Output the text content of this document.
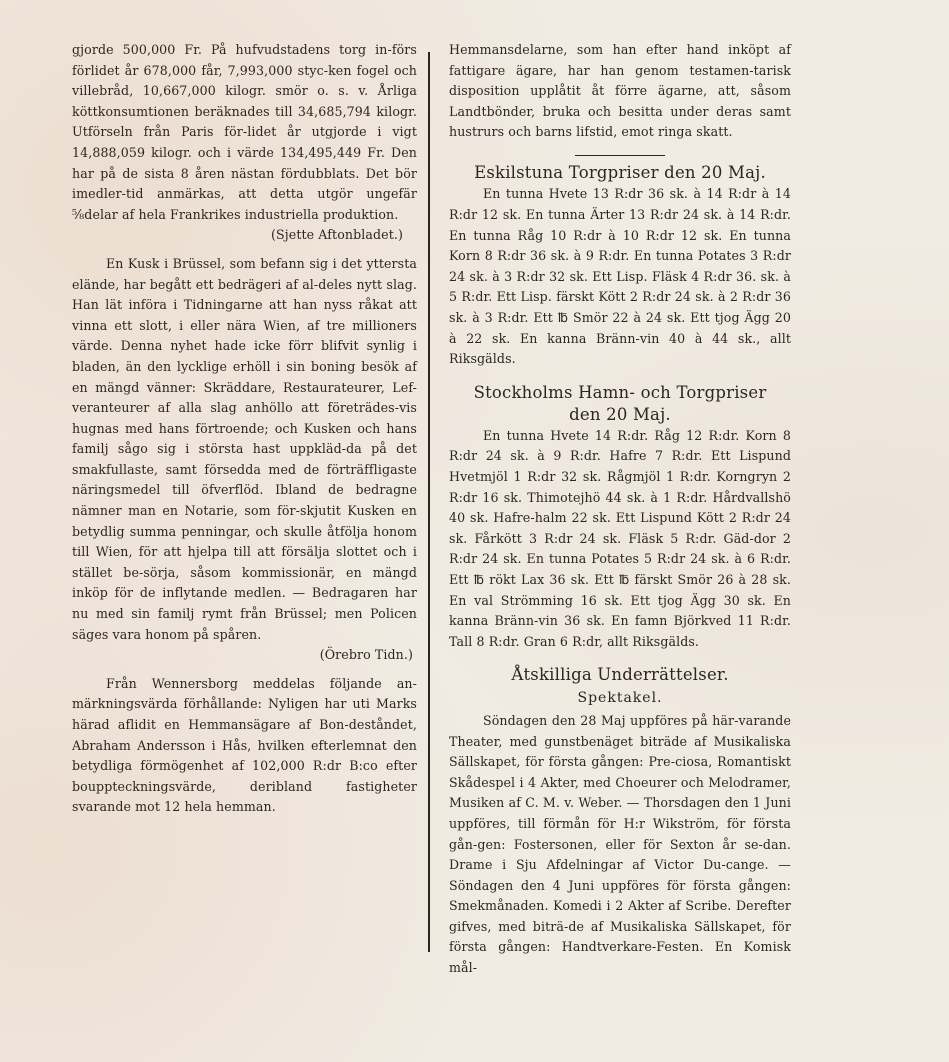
gjorde 500,000 Fr. På hufvudstadens torg in-förs förlidet år 678,000 får, 7,993,000 styc-ken fogel och villebråd, 10,667,000 kilogr. smör o. s. v. Årliga köttkonsumtionen beräknades till 34,685,794 kilogr. Utförseln från Paris för-lidet år utgjorde i vigt 14,888,059 kilogr. och i värde 134,495,449 Fr. Den har på de sista 8 åren nästan fördubblats. Det bör imedler-tid anmärkas, att detta utgör ungefär ⅝delar af hela Frankrikes industriella produktion.

(Sjette Aftonbladet.)

En Kusk i Brüssel, som befann sig i det yttersta elände, har begått ett bedrägeri af al-deles nytt slag. Han lät införa i Tidningarne att han nyss råkat att vinna ett slott, i eller nära Wien, af tre millioners värde. Denna nyhet hade icke förr blifvit synlig i bladen, än den lycklige erhöll i sin boning besök af en mängd vänner: Skräddare, Restaurateurer, Lef-veranteurer af alla slag anhöllo att företrädes-vis hugnas med hans förtroende; och Kusken och hans familj sågo sig i största hast uppkläd-da på det smakfullaste, samt försedda med de förträffligaste näringsmedel till öfverflöd. Ibland de bedragne nämner man en Notarie, som för-skjutit Kusken en betydlig summa penningar, och skulle åtfölja honom till Wien, för att hjelpa till att försälja slottet och i stället be-sörja, såsom kommissionär, en mängd inköp för de inflytande medlen. — Bedragaren har nu med sin familj rymt från Brüssel; men Policen säges vara honom på spåren.

(Örebro Tidn.)

Från Wennersborg meddelas följande an-märkningsvärda förhållande: Nyligen har uti Marks härad aflidit en Hemmansägare af Bon-deståndet, Abraham Andersson i Hås, hvilken efterlemnat den betydliga förmögenhet af 102,000 R:dr B:co efter bouppteckningsvärde, deribland fastigheter svarande mot 12 hela hemman.

Hemmansdelarne, som han efter hand inköpt af fattigare ägare, har han genom testamen-tarisk disposition upplåtit åt förre ägarne, att, såsom Landtbönder, bruka och besitta under deras samt hustrurs och barns lifstid, emot ringa skatt.

Eskilstuna Torgpriser den 20 Maj.

En tunna Hvete 13 R:dr 36 sk. à 14 R:dr à 14 R:dr 12 sk. En tunna Ärter 13 R:dr 24 sk. à 14 R:dr. En tunna Råg 10 R:dr à 10 R:dr 12 sk. En tunna Korn 8 R:dr 36 sk. à 9 R:dr. En tunna Potates 3 R:dr 24 sk. à 3 R:dr 32 sk. Ett Lisp. Fläsk 4 R:dr 36. sk. à 5 R:dr. Ett Lisp. färskt Kött 2 R:dr 24 sk. à 2 R:dr 36 sk. à 3 R:dr. Ett ℔ Smör 22 à 24 sk. Ett tjog Ägg 20 à 22 sk. En kanna Bränn-vin 40 à 44 sk., allt Riksgälds.

Stockholms Hamn- och Torgpriser
den 20 Maj.

En tunna Hvete 14 R:dr. Råg 12 R:dr. Korn 8 R:dr 24 sk. à 9 R:dr. Hafre 7 R:dr. Ett Lispund Hvetmjöl 1 R:dr 32 sk. Rågmjöl 1 R:dr. Korngryn 2 R:dr 16 sk. Thimotejhö 44 sk. à 1 R:dr. Hårdvallshö 40 sk. Hafre-halm 22 sk. Ett Lispund Kött 2 R:dr 24 sk. Fårkött 3 R:dr 24 sk. Fläsk 5 R:dr. Gäd-dor 2 R:dr 24 sk. En tunna Potates 5 R:dr 24 sk. à 6 R:dr. Ett ℔ rökt Lax 36 sk. Ett ℔ färskt Smör 26 à 28 sk. En val Strömming 16 sk. Ett tjog Ägg 30 sk. En kanna Bränn-vin 36 sk. En famn Björkved 11 R:dr. Tall 8 R:dr. Gran 6 R:dr, allt Riksgälds.

Åtskilliga Underrättelser.
Spektakel.

Söndagen den 28 Maj uppföres på här-varande Theater, med gunstbenäget biträde af Musikaliska Sällskapet, för första gången: Pre-ciosa, Romantiskt Skådespel i 4 Akter, med Choeurer och Melodramer, Musiken af C. M. v. Weber. — Thorsdagen den 1 Juni uppföres, till förmån för H:r Wikström, för första gån-gen: Fostersonen, eller för Sexton år se-dan. Drame i Sju Afdelningar af Victor Du-cange. — Söndagen den 4 Juni uppföres för första gången: Smekmånaden. Komedi i 2 Akter af Scribe. Derefter gifves, med biträ-de af Musikaliska Sällskapet, för första gången: Handtverkare-Festen. En Komisk mål-
